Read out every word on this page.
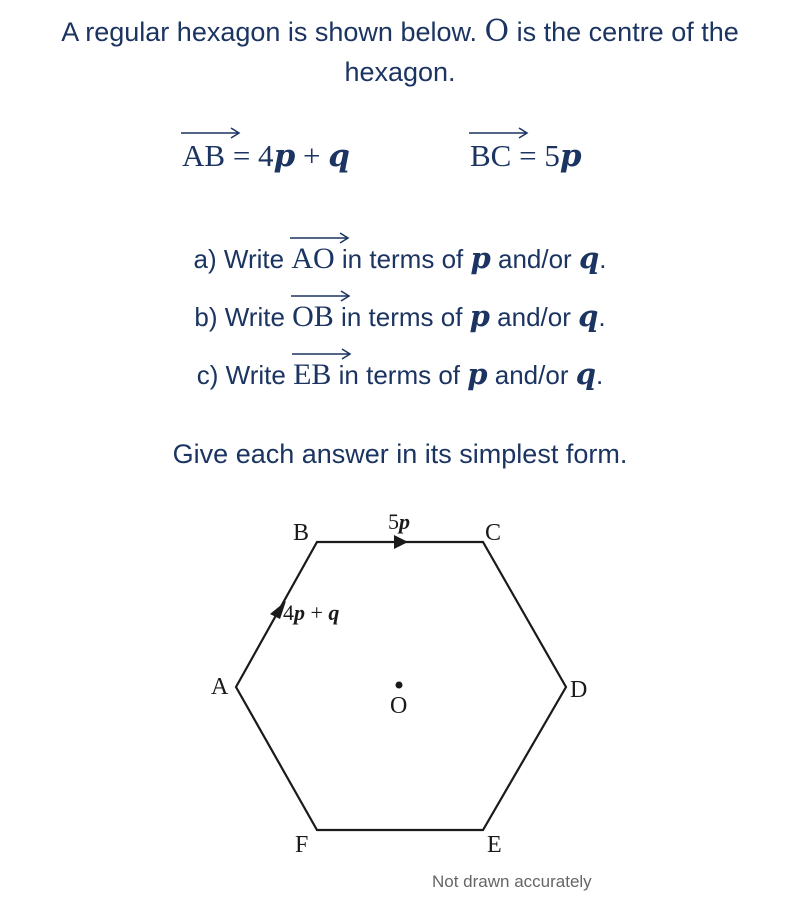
A regular hexagon is shown below. O is the centre of the
hexagon.
AB = 4p + q	BC = 5p
a) Write
AO in terms of p and/or q.
b) Write
OB in terms of p and/or q.
c) Write
EB in terms of p and/or q.
Give each answer in its simplest form.
B	C
A	D
F	E
O
5p
4p + q
Not drawn accurately
